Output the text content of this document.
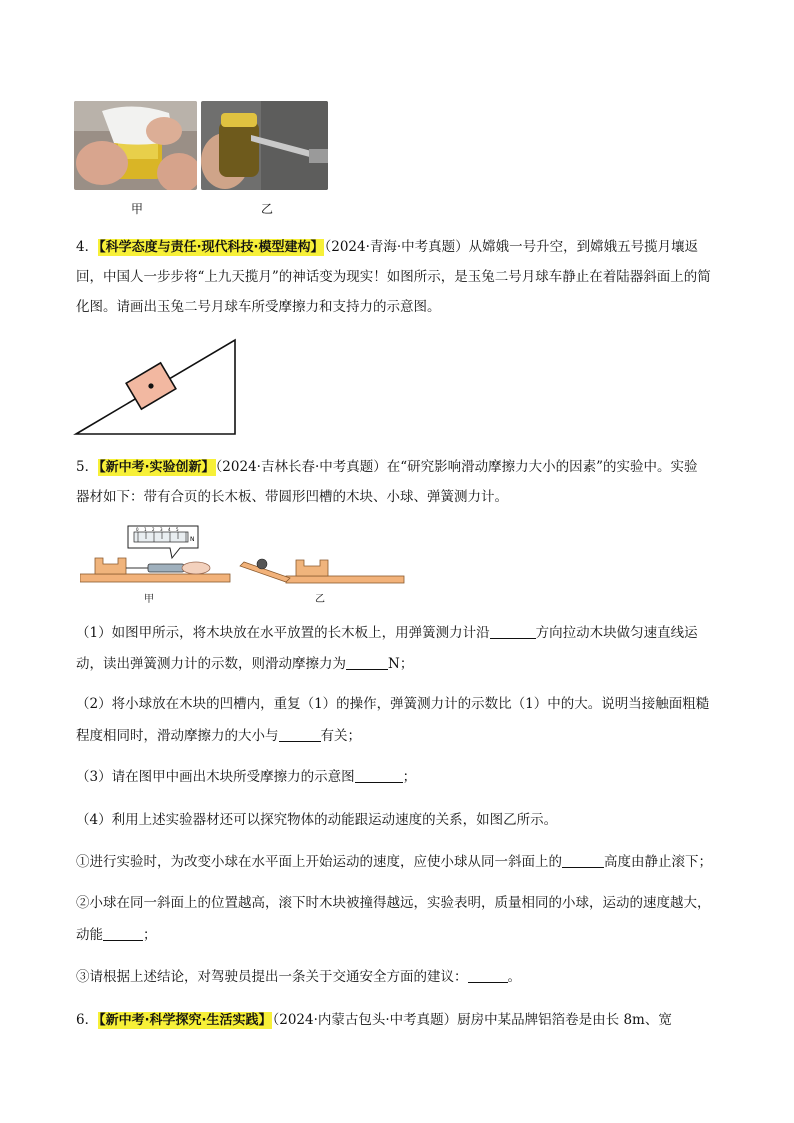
甲	乙
4．【科学态度与责任·现代科技·模型建构】（2024·青海·中考真题）从嫦娥一号升空，到嫦娥五号揽月壤返
回，中国人一步步将“上九天揽月”的神话变为现实！如图所示，是玉兔二号月球车静止在着陆器斜面上的简
化图。请画出玉兔二号月球车所受摩擦力和支持力的示意图。
5．【新中考·实验创新】（2024·吉林长春·中考真题）在“研究影响滑动摩擦力大小的因素”的实验中。实验
器材如下：带有合页的长木板、带圆形凹槽的木块、小球、弹簧测力计。
N
0 1 2 3 4 5
甲	乙
（1）如图甲所示，将木块放在水平放置的长木板上，用弹簧测力计沿	方向拉动木块做匀速直线运
动，读出弹簧测力计的示数，则滑动摩擦力为	N；
（2）将小球放在木块的凹槽内，重复（1）的操作，弹簧测力计的示数比（1）中的大。说明当接触面粗糙
程度相同时，滑动摩擦力的大小与	有关；
（3）请在图甲中画出木块所受摩擦力的示意图	；
（4）利用上述实验器材还可以探究物体的动能跟运动速度的关系，如图乙所示。
①进行实验时，为改变小球在水平面上开始运动的速度，应使小球从同一斜面上的	高度由静止滚下；
②小球在同一斜面上的位置越高，滚下时木块被撞得越远，实验表明，质量相同的小球，运动的速度越大，
动能	；
③请根据上述结论，对驾驶员提出一条关于交通安全方面的建议：	。
6．【新中考·科学探究·生活实践】（2024·内蒙古包头·中考真题）厨房中某品牌铝箔卷是由长 8m、宽
